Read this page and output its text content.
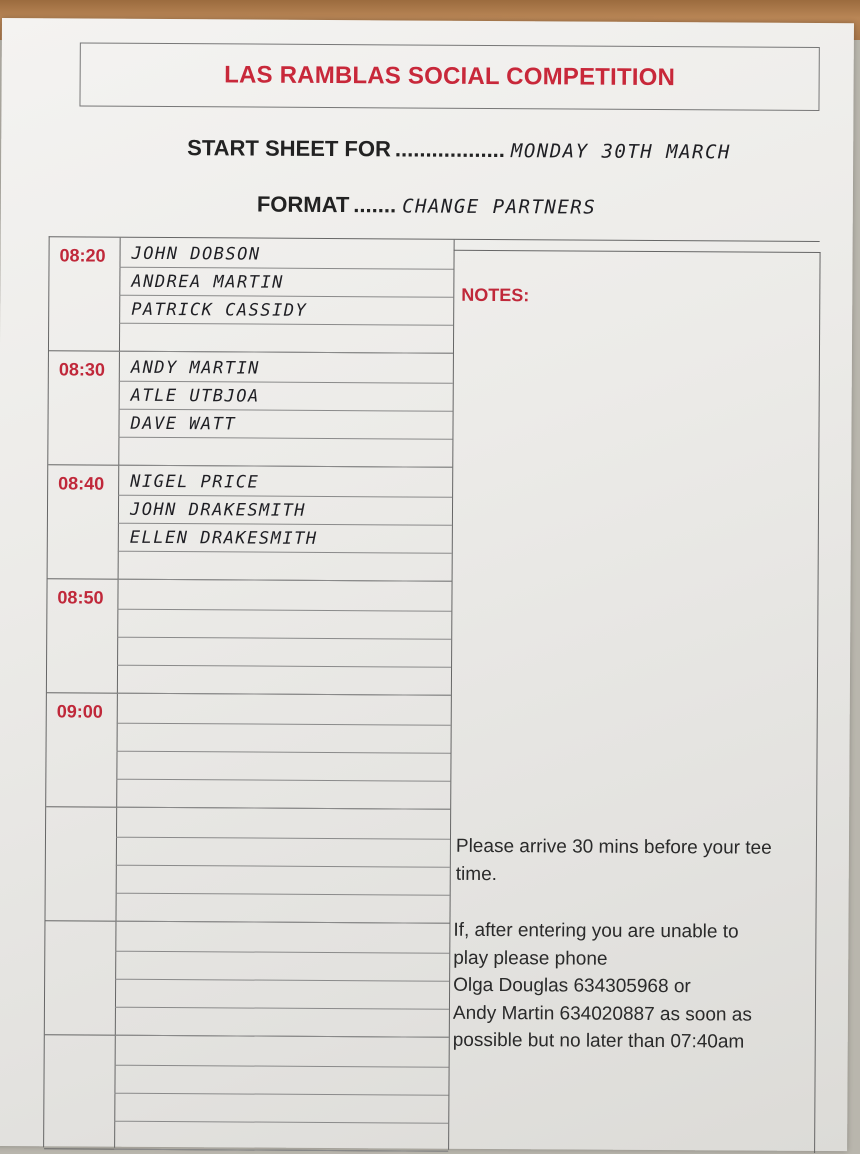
LAS RAMBLAS SOCIAL COMPETITION
START SHEET FOR .................. MONDAY 30TH MARCH
FORMAT ....... CHANGE PARTNERS
08:20 JOHN DOBSON
ANDREA MARTIN
PATRICK CASSIDY
08:30 ANDY MARTIN
ATLE UTBJOA
DAVE WATT
08:40 NIGEL PRICE
JOHN DRAKESMITH
ELLEN DRAKESMITH
08:50
09:00
NOTES:

Please arrive 30 mins before your tee

time.

If, after entering you are unable to

play please phone

Olga Douglas 634305968 or

Andy Martin 634020887 as soon as

possible but no later than 07:40am
